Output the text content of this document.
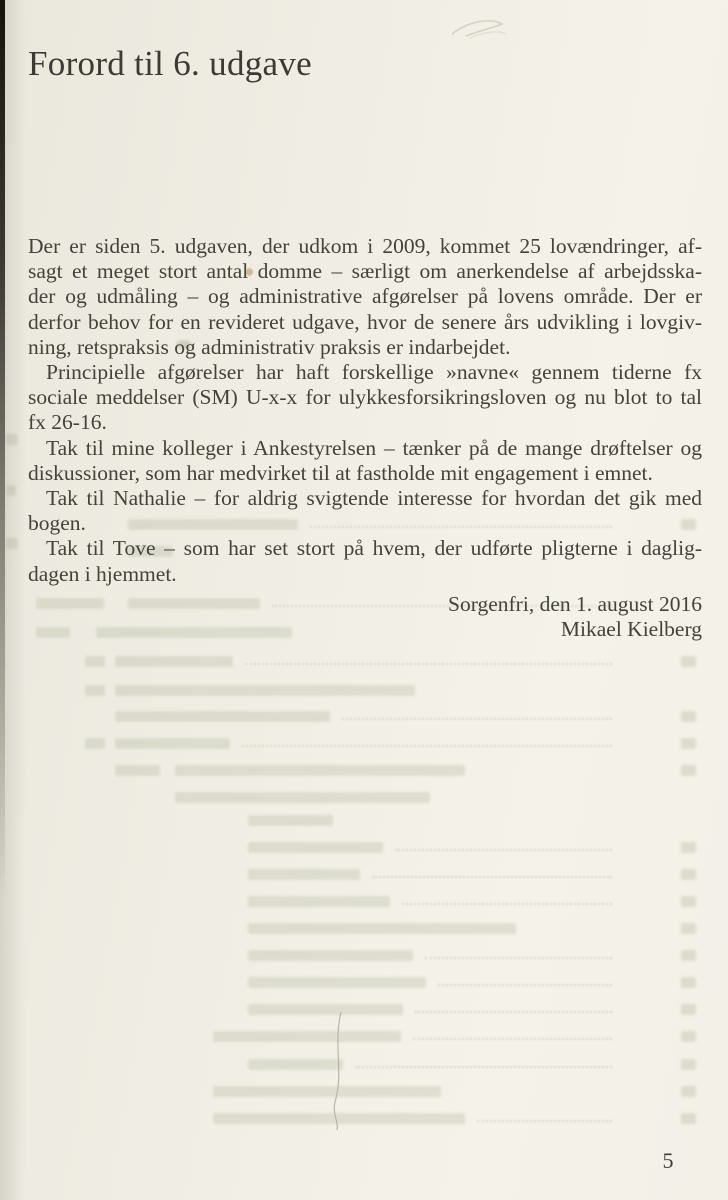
Forord til 6. udgave
Der er siden 5. udgaven, der udkom i 2009, kommet 25 lovændringer, af-
sagt et meget stort antal domme – særligt om anerkendelse af arbejdsska-
der og udmåling – og administrative afgørelser på lovens område. Der er
derfor behov for en revideret udgave, hvor de senere års udvikling i lovgiv-
ning, retspraksis og administrativ praksis er indarbejdet.
Principielle afgørelser har haft forskellige »navne« gennem tiderne fx
sociale meddelser (SM) U-x-x for ulykkesforsikringsloven og nu blot to tal
fx 26-16.
Tak til mine kolleger i Ankestyrelsen – tænker på de mange drøftelser og
diskussioner, som har medvirket til at fastholde mit engagement i emnet.
Tak til Nathalie – for aldrig svigtende interesse for hvordan det gik med
bogen.
Tak til Tove – som har set stort på hvem, der udførte pligterne i daglig-
dagen i hjemmet.
Sorgenfri, den 1. august 2016
Mikael Kielberg
5
